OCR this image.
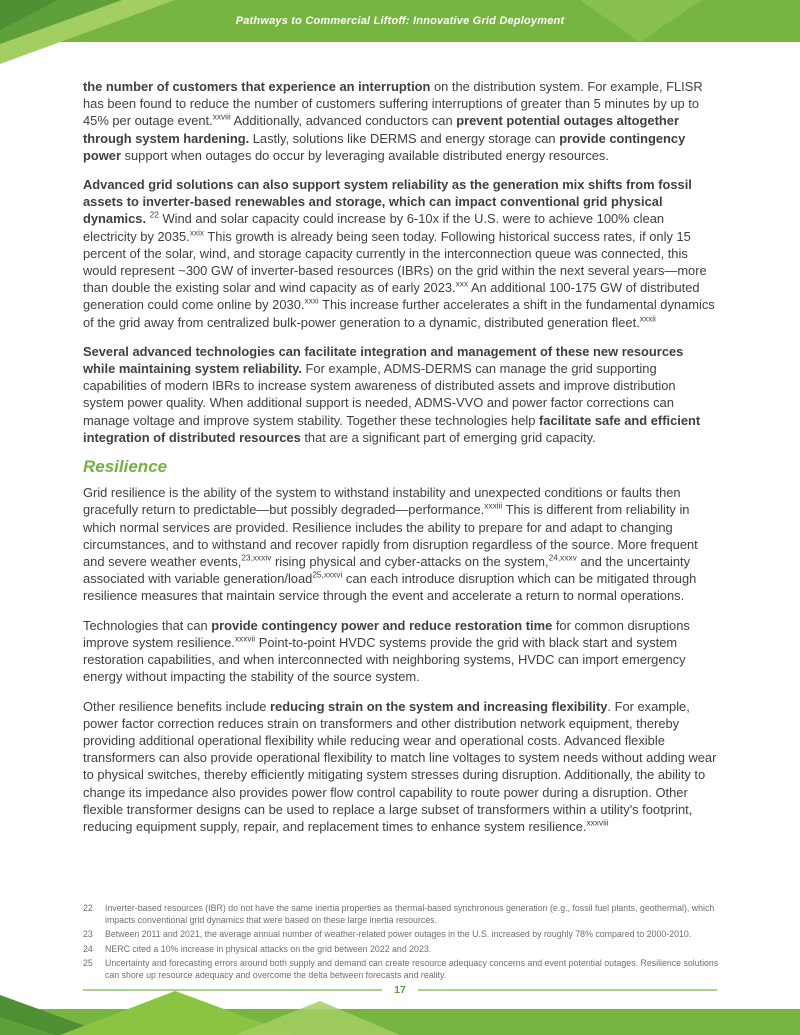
Pathways to Commercial Liftoff: Innovative Grid Deployment

the number of customers that experience an interruption on the distribution system. For example, FLISR has been found to reduce the number of customers suffering interruptions of greater than 5 minutes by up to 45% per outage event.$^{xxviii}$ Additionally, advanced conductors can prevent potential outages altogether through system hardening. Lastly, solutions like DERMS and energy storage can provide contingency power support when outages do occur by leveraging available distributed energy resources.

Advanced grid solutions can also support system reliability as the generation mix shifts from fossil assets to inverter-based renewables and storage, which can impact conventional grid physical dynamics. $^{22}$ Wind and solar capacity could increase by 6-10x if the U.S. were to achieve 100% clean electricity by 2035.$^{xxix}$ This growth is already being seen today. Following historical success rates, if only 15 percent of the solar, wind, and storage capacity currently in the interconnection queue was connected, this would represent ~300 GW of inverter-based resources (IBRs) on the grid within the next several years—more than double the existing solar and wind capacity as of early 2023.$^{xxx}$ An additional 100-175 GW of distributed generation could come online by 2030.$^{xxxi}$ This increase further accelerates a shift in the fundamental dynamics of the grid away from centralized bulk-power generation to a dynamic, distributed generation fleet.$^{xxxii}$

Several advanced technologies can facilitate integration and management of these new resources while maintaining system reliability. For example, ADMS-DERMS can manage the grid supporting capabilities of modern IBRs to increase system awareness of distributed assets and improve distribution system power quality. When additional support is needed, ADMS-VVO and power factor corrections can manage voltage and improve system stability. Together these technologies help facilitate safe and efficient integration of distributed resources that are a significant part of emerging grid capacity.

Resilience

Grid resilience is the ability of the system to withstand instability and unexpected conditions or faults then gracefully return to predictable—but possibly degraded—performance.$^{xxxiii}$ This is different from reliability in which normal services are provided. Resilience includes the ability to prepare for and adapt to changing circumstances, and to withstand and recover rapidly from disruption regardless of the source. More frequent and severe weather events,$^{23,xxxiv}$ rising physical and cyber-attacks on the system,$^{24,xxxv}$ and the uncertainty associated with variable generation/load$^{25,xxxvi}$ can each introduce disruption which can be mitigated through resilience measures that maintain service through the event and accelerate a return to normal operations.

Technologies that can provide contingency power and reduce restoration time for common disruptions improve system resilience.$^{xxxvii}$ Point-to-point HVDC systems provide the grid with black start and system restoration capabilities, and when interconnected with neighboring systems, HVDC can import emergency energy without impacting the stability of the source system.

Other resilience benefits include reducing strain on the system and increasing flexibility. For example, power factor correction reduces strain on transformers and other distribution network equipment, thereby providing additional operational flexibility while reducing wear and operational costs. Advanced flexible transformers can also provide operational flexibility to match line voltages to system needs without adding wear to physical switches, thereby efficiently mitigating system stresses during disruption. Additionally, the ability to change its impedance also provides power flow control capability to route power during a disruption. Other flexible transformer designs can be used to replace a large subset of transformers within a utility's footprint, reducing equipment supply, repair, and replacement times to enhance system resilience.$^{xxxviii}$

22	Inverter-based resources (IBR) do not have the same inertia properties as thermal-based synchronous generation (e.g., fossil fuel plants, geothermal), which impacts conventional grid dynamics that were based on these large inertia resources.
23	Between 2011 and 2021, the average annual number of weather-related power outages in the U.S. increased by roughly 78% compared to 2000-2010.
24	NERC cited a 10% increase in physical attacks on the grid between 2022 and 2023.
25	Uncertainty and forecasting errors around both supply and demand can create resource adequacy concerns and event potential outages. Resilience solutions can shore up resource adequacy and overcome the delta between forecasts and reality.
17
